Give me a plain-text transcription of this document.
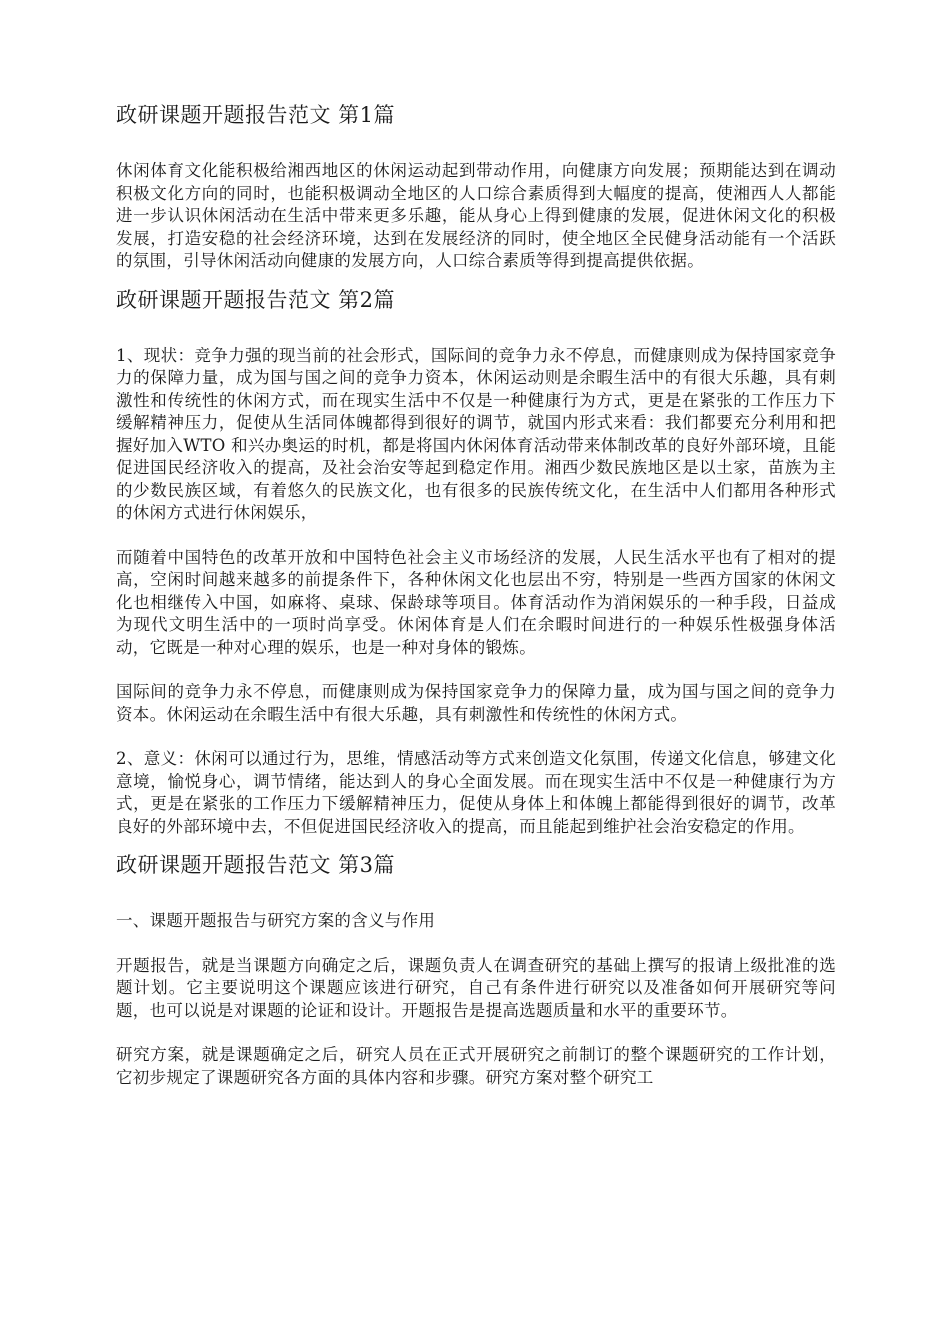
政研课题开题报告范文 第1篇

休闲体育文化能积极给湘西地区的休闲运动起到带动作用，向健康方向发展；预期能达到在调动积极文化方向的同时，也能积极调动全地区的人口综合素质得到大幅度的提高，使湘西人人都能进一步认识休闲活动在生活中带来更多乐趣，能从身心上得到健康的发展，促进休闲文化的积极发展，打造安稳的社会经济环境，达到在发展经济的同时，使全地区全民健身活动能有一个活跃的氛围，引导休闲活动向健康的发展方向，人口综合素质等得到提高提供依据。

政研课题开题报告范文 第2篇

1、现状：竞争力强的现当前的社会形式，国际间的竞争力永不停息，而健康则成为保持国家竞争力的保障力量，成为国与国之间的竞争力资本，休闲运动则是余暇生活中的有很大乐趣，具有刺激性和传统性的休闲方式，而在现实生活中不仅是一种健康行为方式，更是在紧张的工作压力下缓解精神压力，促使从生活同体魄都得到很好的调节，就国内形式来看：我们都要充分利用和把握好加入WTO 和兴办奥运的时机，都是将国内休闲体育活动带来体制改革的良好外部环境，且能促进国民经济收入的提高，及社会治安等起到稳定作用。湘西少数民族地区是以土家，苗族为主的少数民族区域，有着悠久的民族文化，也有很多的民族传统文化，在生活中人们都用各种形式的休闲方式进行休闲娱乐，

而随着中国特色的改革开放和中国特色社会主义市场经济的发展，人民生活水平也有了相对的提高，空闲时间越来越多的前提条件下，各种休闲文化也层出不穷，特别是一些西方国家的休闲文化也相继传入中国，如麻将、桌球、保龄球等项目。体育活动作为消闲娱乐的一种手段，日益成为现代文明生活中的一项时尚享受。休闲体育是人们在余暇时间进行的一种娱乐性极强身体活动，它既是一种对心理的娱乐，也是一种对身体的锻炼。

国际间的竞争力永不停息，而健康则成为保持国家竞争力的保障力量，成为国与国之间的竞争力资本。休闲运动在余暇生活中有很大乐趣，具有刺激性和传统性的休闲方式。

2、意义：休闲可以通过行为，思维，情感活动等方式来创造文化氛围，传递文化信息，够建文化意境，愉悦身心，调节情绪，能达到人的身心全面发展。而在现实生活中不仅是一种健康行为方式，更是在紧张的工作压力下缓解精神压力，促使从身体上和体魄上都能得到很好的调节，改革良好的外部环境中去，不但促进国民经济收入的提高，而且能起到维护社会治安稳定的作用。

政研课题开题报告范文 第3篇

一、课题开题报告与研究方案的含义与作用

开题报告，就是当课题方向确定之后，课题负责人在调查研究的基础上撰写的报请上级批准的选题计划。它主要说明这个课题应该进行研究，自己有条件进行研究以及准备如何开展研究等问题，也可以说是对课题的论证和设计。开题报告是提高选题质量和水平的重要环节。

研究方案，就是课题确定之后，研究人员在正式开展研究之前制订的整个课题研究的工作计划，它初步规定了课题研究各方面的具体内容和步骤。研究方案对整个研究工
